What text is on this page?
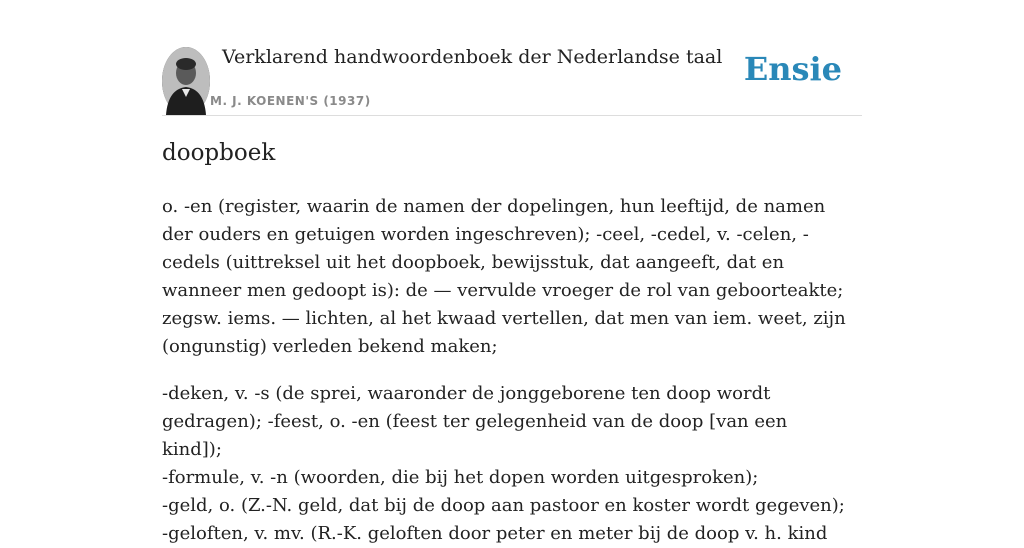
Verklarend handwoordenboek der Nederlandse taal
M. J. KOENEN'S (1937)
Ensie
doopboek

o. -en (register, waarin de namen der dopelingen, hun leeftijd, de namen der ouders en getuigen worden ingeschreven); -ceel, -cedel, v. -celen, -cedels (uittreksel uit het doopboek, bewijsstuk, dat aangeeft, dat en wanneer men gedoopt is): de — vervulde vroeger de rol van geboorteakte; zegsw. iems. — lichten, al het kwaad vertellen, dat men van iem. weet, zijn (ongunstig) verleden bekend maken;

-deken, v. -s (de sprei, waaronder de jonggeborene ten doop wordt gedragen); -feest, o. -en (feest ter gelegenheid van de doop [van een kind]);
-formule, v. -n (woorden, die bij het dopen worden uitgesproken);
-geld, o. (Z.-N. geld, dat bij de doop aan pastoor en koster wordt gegeven); -geloften, v. mv. (R.-K. geloften door peter en meter bij de doop v. h. kind
